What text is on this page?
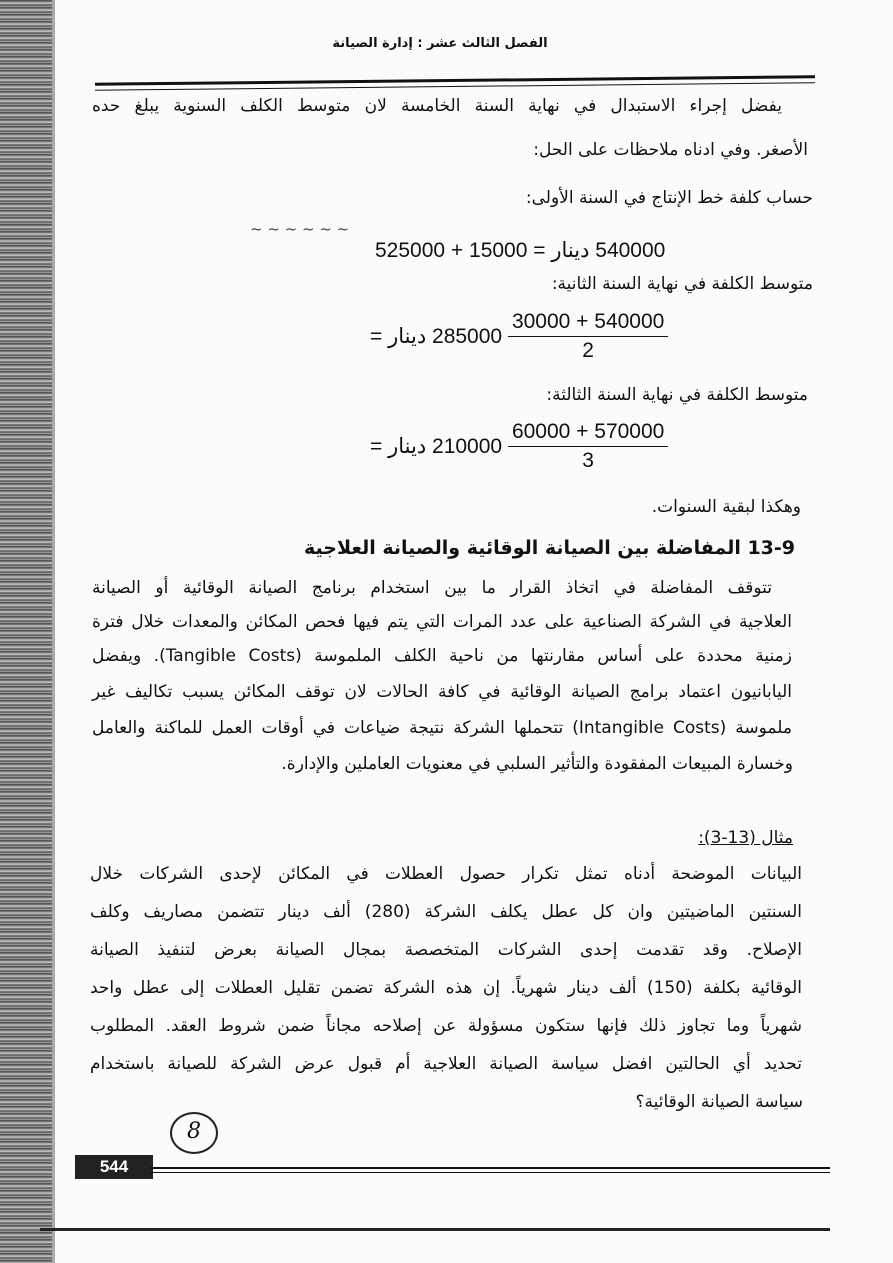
الفصل الثالث عشر : إدارة الصيانة
يفضل إجراء الاستبدال في نهاية السنة الخامسة لان متوسط الكلف السنوية يبلغ حده
الأصغر. وفي ادناه ملاحظات على الحل:
حساب كلفة خط الإنتاج في السنة الأولى:
~ ~ ~ ~ ~ ~
540000 دينار = 15000 + 525000
متوسط الكلفة في نهاية السنة الثانية:
285000 دينار = $\frac{30000 + 540000}{2}$
متوسط الكلفة في نهاية السنة الثالثة:
210000 دينار = $\frac{60000 + 570000}{3}$
وهكذا لبقية السنوات.
13-9 المفاضلة بين الصيانة الوقائية والصيانة العلاجية
تتوقف المفاضلة في اتخاذ القرار ما بين استخدام برنامج الصيانة الوقائية أو الصيانة
العلاجية في الشركة الصناعية على عدد المرات التي يتم فيها فحص المكائن والمعدات خلال فترة
زمنية محددة على أساس مقارنتها من ناحية الكلف الملموسة (Tangible Costs). ويفضل
اليابانيون اعتماد برامج الصيانة الوقائية في كافة الحالات لان توقف المكائن يسبب تكاليف غير
ملموسة (Intangible Costs) تتحملها الشركة نتيجة ضياعات في أوقات العمل للماكنة والعامل
وخسارة المبيعات المفقودة والتأثير السلبي في معنويات العاملين والإدارة.
مثال (13-3):
البيانات الموضحة أدناه تمثل تكرار حصول العطلات في المكائن لإحدى الشركات خلال
السنتين الماضيتين وان كل عطل يكلف الشركة (280) ألف دينار تتضمن مصاريف وكلف
الإصلاح. وقد تقدمت إحدى الشركات المتخصصة بمجال الصيانة بعرض لتنفيذ الصيانة
الوقائية بكلفة (150) ألف دينار شهرياً. إن هذه الشركة تضمن تقليل العطلات إلى عطل واحد
شهرياً وما تجاوز ذلك فإنها ستكون مسؤولة عن إصلاحه مجاناً ضمن شروط العقد. المطلوب
تحديد أي الحالتين افضل سياسة الصيانة العلاجية أم قبول عرض الشركة للصيانة باستخدام
سياسة الصيانة الوقائية؟
8
544
